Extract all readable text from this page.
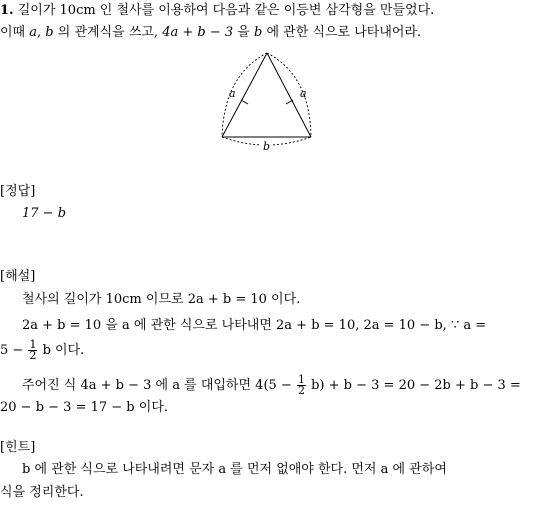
1. 길이가 10cm 인 철사를 이용하여 다음과 같은 이등변 삼각형을 만들었다.
이때 a, b 의 관계식을 쓰고, 4a + b − 3 을 b 에 관한 식으로 나타내어라.
a	a
b
[정답]
17 − b
[해설]
철사의 길이가 10cm 이므로 2a + b = 10 이다.
2a + b = 10 을 a 에 관한 식으로 나타내면 2a + b = 10, 2a = 10 − b, ∵ a =
$5 - \frac{1}{2}$ b 이다.
주어진 식 4a + b − 3 에 a 를 대입하면 $4(5 - \frac{1}{2} b) + b - 3 = 20 - 2b + b - 3$ =
20 − b − 3 = 17 − b 이다.
[힌트]
b 에 관한 식으로 나타내려면 문자 a 를 먼저 없애야 한다. 먼저 a 에 관하여
식을 정리한다.
